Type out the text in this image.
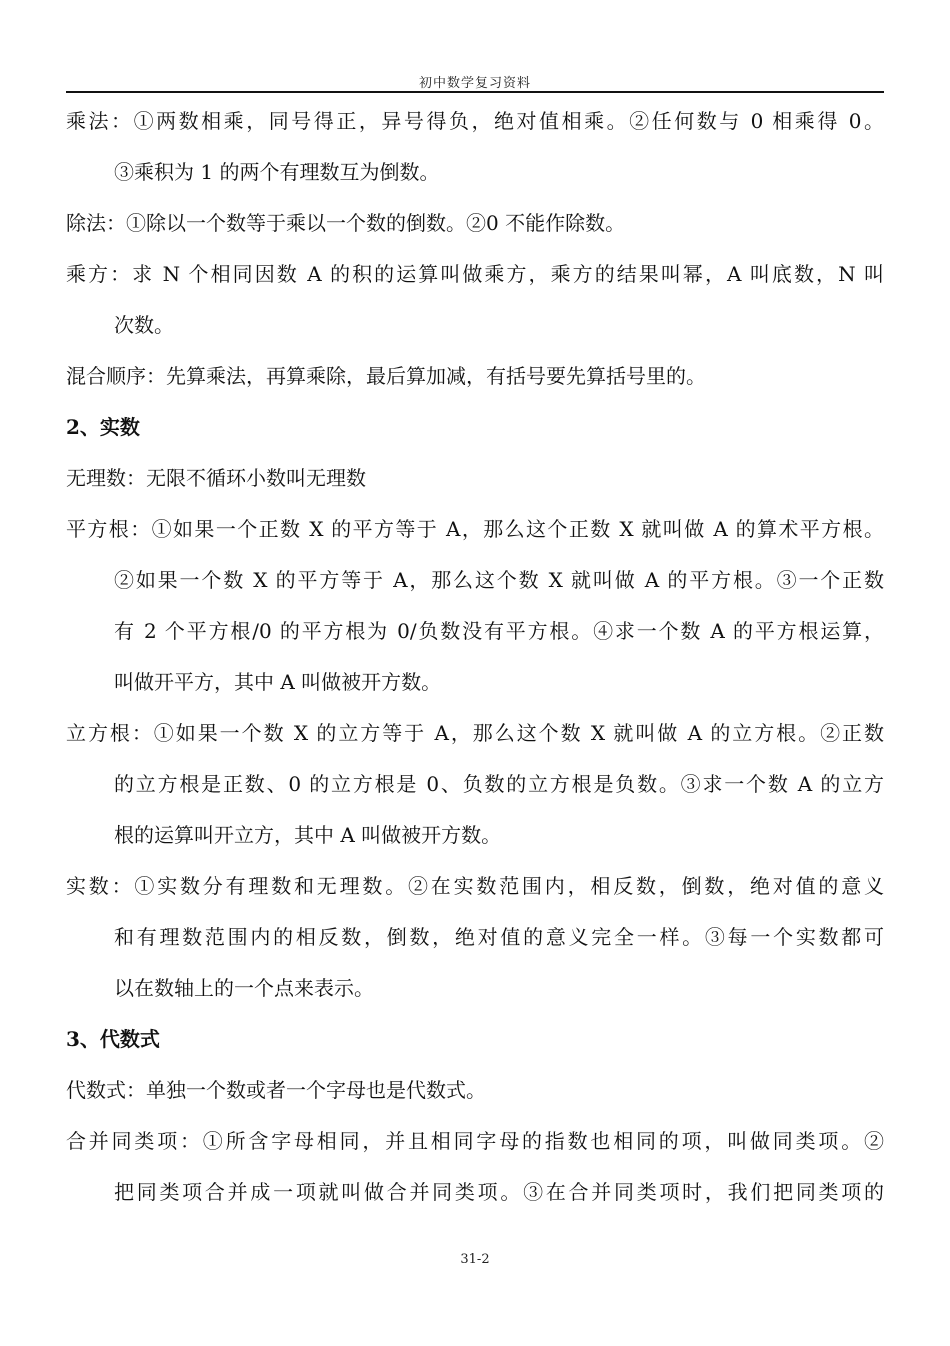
初中数学复习资料
乘法：①两数相乘，同号得正，异号得负，绝对值相乘。②任何数与 0 相乘得 0。
③乘积为 1 的两个有理数互为倒数。
除法：①除以一个数等于乘以一个数的倒数。②0 不能作除数。
乘方：求 N 个相同因数 A 的积的运算叫做乘方，乘方的结果叫幂，A 叫底数，N 叫
次数。
混合顺序：先算乘法，再算乘除，最后算加减，有括号要先算括号里的。
2、实数
无理数：无限不循环小数叫无理数
平方根：①如果一个正数 X 的平方等于 A，那么这个正数 X 就叫做 A 的算术平方根。
②如果一个数 X 的平方等于 A，那么这个数 X 就叫做 A 的平方根。③一个正数
有 2 个平方根/0 的平方根为 0/负数没有平方根。④求一个数 A 的平方根运算，
叫做开平方，其中 A 叫做被开方数。
立方根：①如果一个数 X 的立方等于 A，那么这个数 X 就叫做 A 的立方根。②正数
的立方根是正数、0 的立方根是 0、负数的立方根是负数。③求一个数 A 的立方
根的运算叫开立方，其中 A 叫做被开方数。
实数：①实数分有理数和无理数。②在实数范围内，相反数，倒数，绝对值的意义
和有理数范围内的相反数，倒数，绝对值的意义完全一样。③每一个实数都可
以在数轴上的一个点来表示。
3、代数式
代数式：单独一个数或者一个字母也是代数式。
合并同类项：①所含字母相同，并且相同字母的指数也相同的项，叫做同类项。②
把同类项合并成一项就叫做合并同类项。③在合并同类项时，我们把同类项的
31-2
